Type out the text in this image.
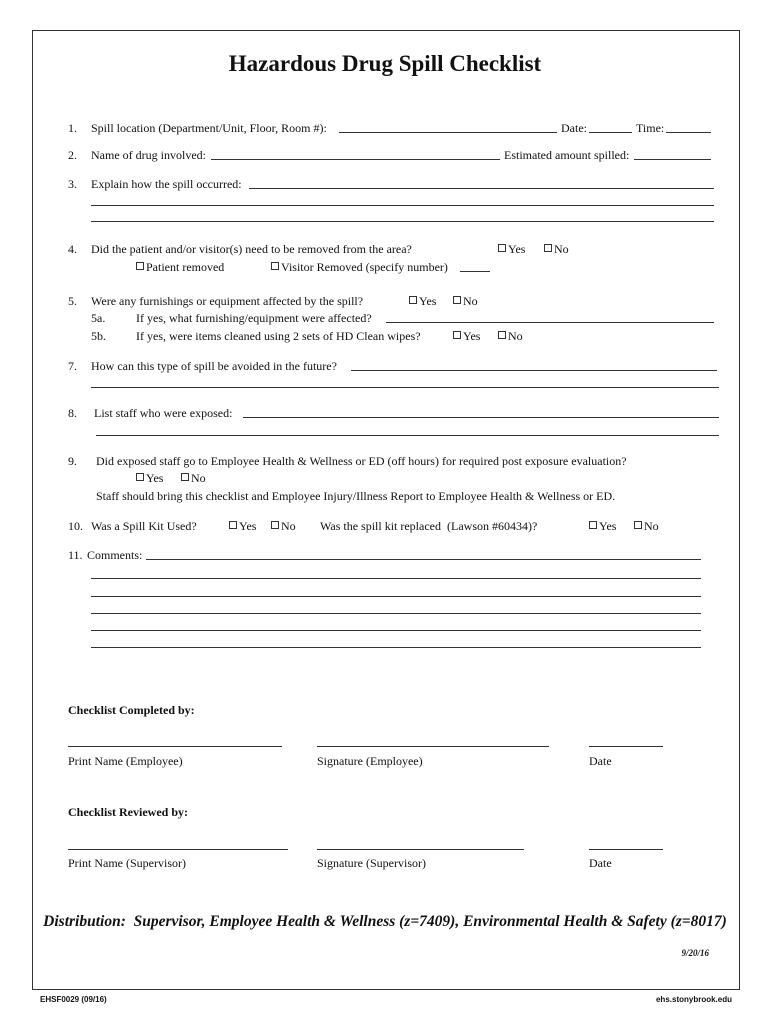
Hazardous Drug Spill Checklist
1. Spill location (Department/Unit, Floor, Room #):	Date:	Time:
2. Name of drug involved:	Estimated amount spilled:
3. Explain how the spill occurred:
4. Did the patient and/or visitor(s) need to be removed from the area?	Yes	No
Patient removed	Visitor Removed (specify number)
5. Were any furnishings or equipment affected by the spill?	Yes	No
5a.	If yes, what furnishing/equipment were affected?
5b.	If yes, were items cleaned using 2 sets of HD Clean wipes?	Yes	No
7. How can this type of spill be avoided in the future?
8. List staff who were exposed:
9. Did exposed staff go to Employee Health & Wellness or ED (off hours) for required post exposure evaluation?
Yes	No
Staff should bring this checklist and Employee Injury/Illness Report to Employee Health & Wellness or ED.
10. Was a Spill Kit Used?	Yes	No Was the spill kit replaced  (Lawson #60434)?	Yes	No
11. Comments:
Checklist Completed by:
Print Name (Employee)	Signature (Employee)	Date
Checklist Reviewed by:
Print Name (Supervisor)	Signature (Supervisor)	Date
Distribution:  Supervisor, Employee Health & Wellness (z=7409), Environmental Health & Safety (z=8017)
9/20/16
EHSF0029 (09/16)	ehs.stonybrook.edu
